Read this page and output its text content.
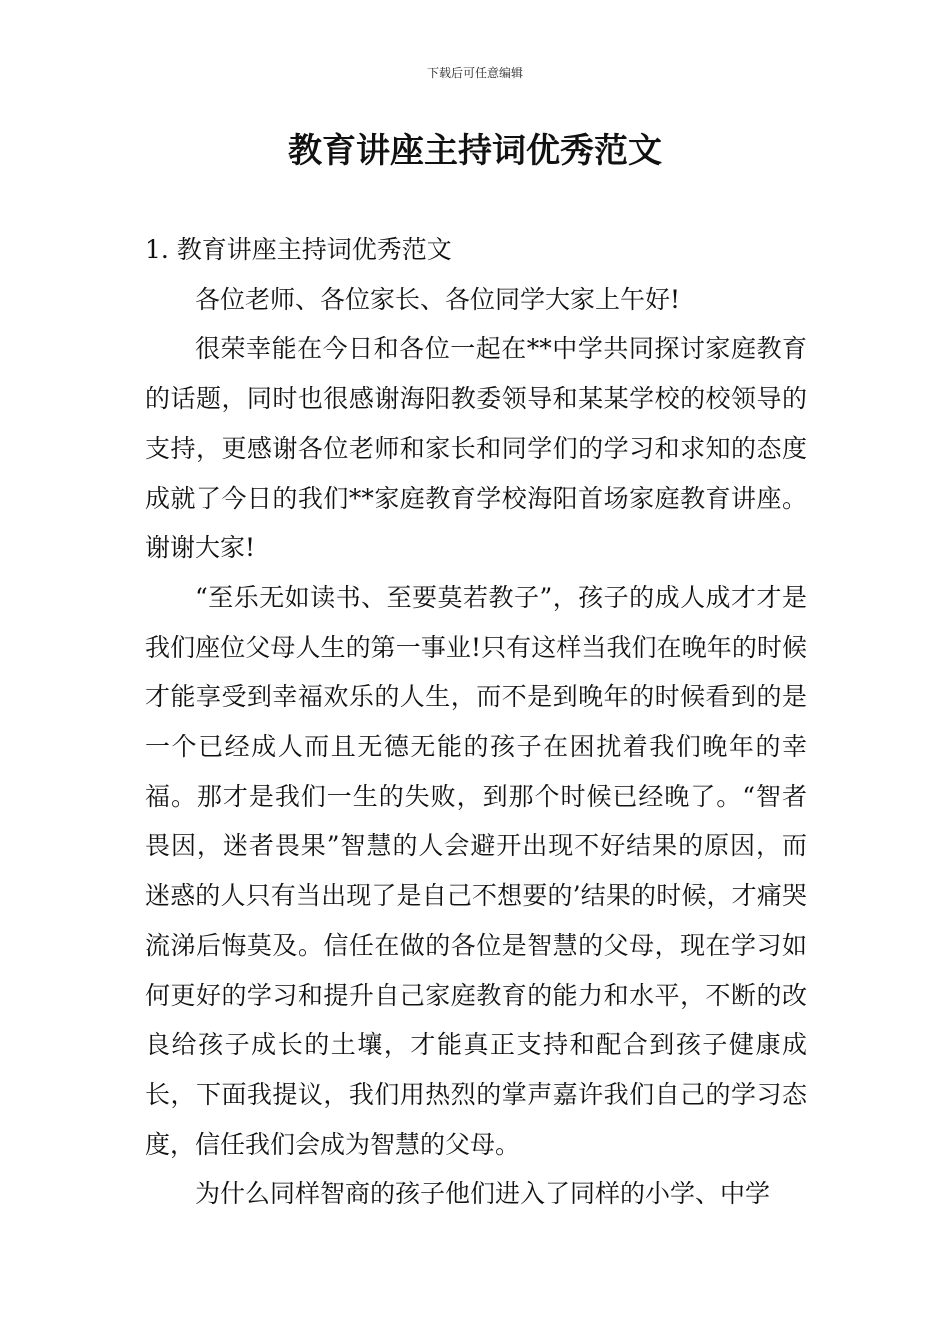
下载后可任意编辑
教育讲座主持词优秀范文

1. 教育讲座主持词优秀范文

各位老师、各位家长、各位同学大家上午好!

很荣幸能在今日和各位一起在**中学共同探讨家庭教育的话题，同时也很感谢海阳教委领导和某某学校的校领导的支持，更感谢各位老师和家长和同学们的学习和求知的态度成就了今日的我们**家庭教育学校海阳首场家庭教育讲座。谢谢大家!

“至乐无如读书、至要莫若教子”，孩子的成人成才才是我们座位父母人生的第一事业!只有这样当我们在晚年的时候才能享受到幸福欢乐的人生，而不是到晚年的时候看到的是一个已经成人而且无德无能的孩子在困扰着我们晚年的幸福。那才是我们一生的失败，到那个时候已经晚了。“智者畏因，迷者畏果”智慧的人会避开出现不好结果的原因，而迷惑的人只有当出现了是自己不想要的’结果的时候，才痛哭流涕后悔莫及。信任在做的各位是智慧的父母，现在学习如何更好的学习和提升自己家庭教育的能力和水平，不断的改良给孩子成长的土壤，才能真正支持和配合到孩子健康成长，下面我提议，我们用热烈的掌声嘉许我们自己的学习态度，信任我们会成为智慧的父母。

为什么同样智商的孩子他们进入了同样的小学、中学
